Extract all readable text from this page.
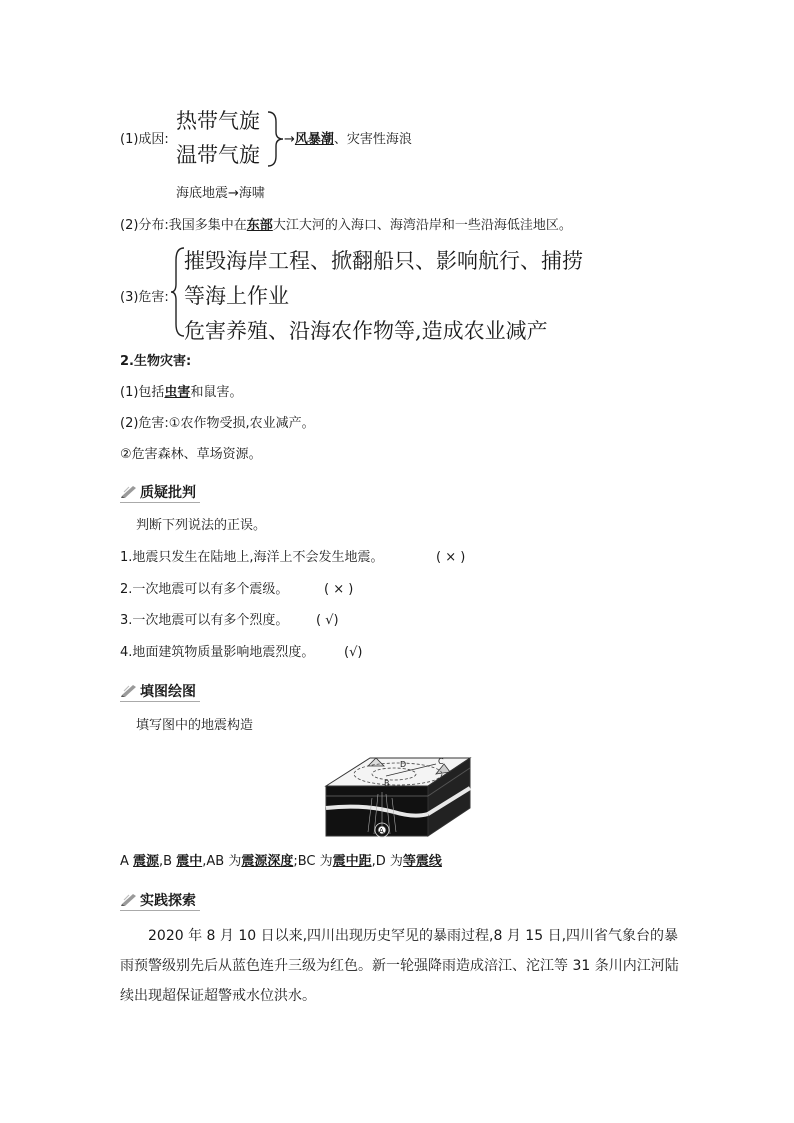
(1)成因:
热带气旋
温带气旋
→风暴潮、灾害性海浪
海底地震→海啸
(2)分布:我国多集中在东部大江大河的入海口、海湾沿岸和一些沿海低洼地区。
(3)危害:
摧毁海岸工程、掀翻船只、影响航行、捕捞
等海上作业
危害养殖、沿海农作物等,造成农业减产
2.生物灾害:
(1)包括虫害和鼠害。
(2)危害:①农作物受损,农业减产。
②危害森林、草场资源。
质疑批判
判断下列说法的正误。
1.地震只发生在陆地上,海洋上不会发生地震。	( × )
2.一次地震可以有多个震级。	( × )
3.一次地震可以有多个烈度。 ( √)
4.地面建筑物质量影响地震烈度。 (√)
填图绘图
填写图中的地震构造
A
B
C
D
A 震源,B 震中,AB 为震源深度;BC 为震中距,D 为等震线
实践探索
2020 年 8 月 10 日以来,四川出现历史罕见的暴雨过程,8 月 15 日,四川省气象台的暴雨预警级别先后从蓝色连升三级为红色。新一轮强降雨造成涪江、沱江等 31 条川内江河陆续出现超保证超警戒水位洪水。
